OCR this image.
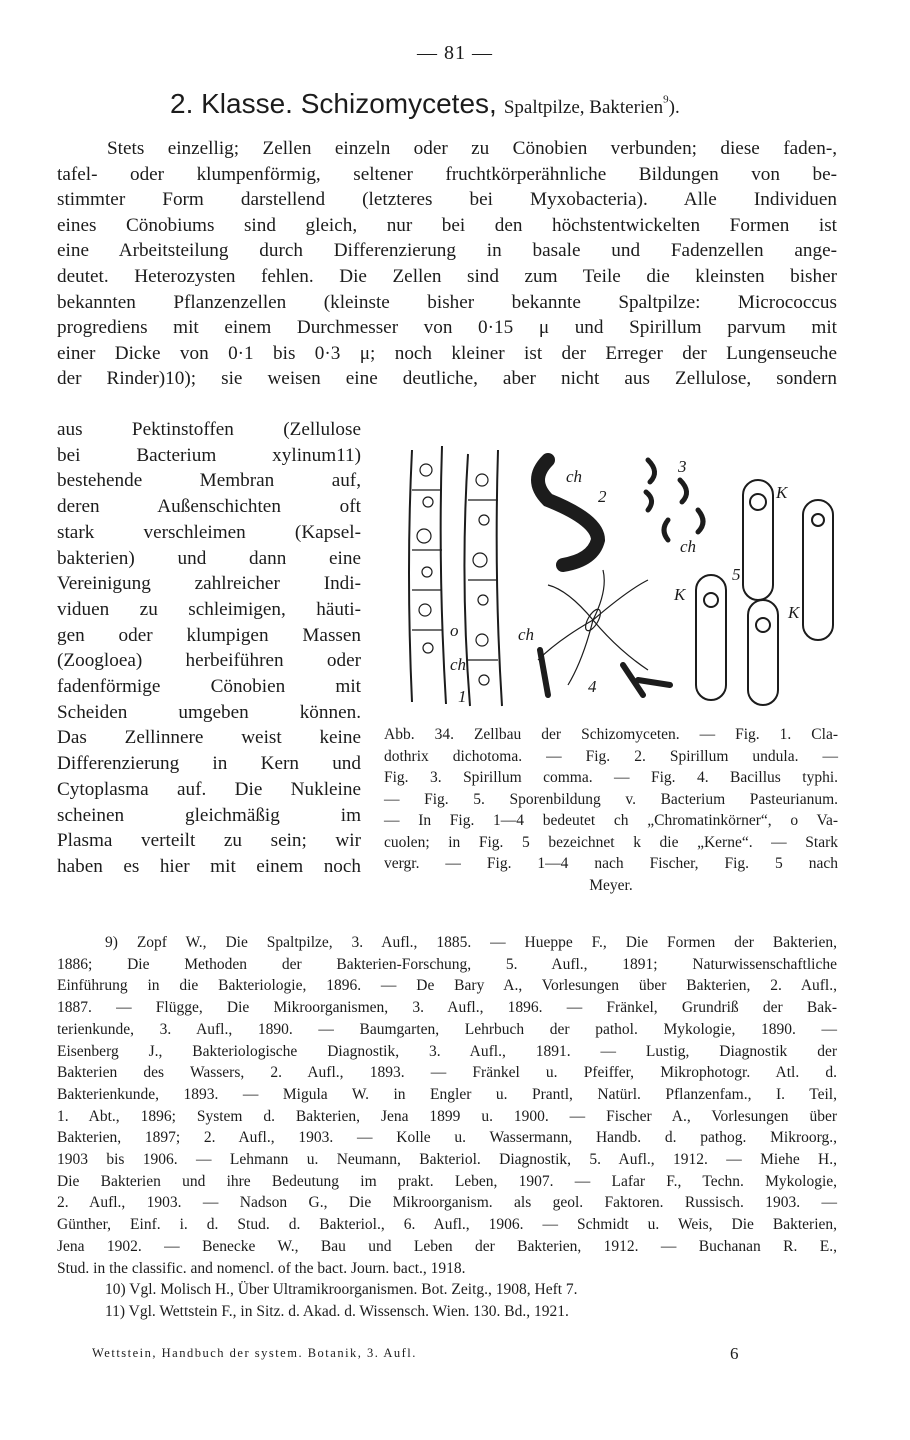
— 81 —
2. Klasse. Schizomycetes, Spaltpilze, Bakterien$^9$).
Stets einzellig; Zellen einzeln oder zu Cönobien verbunden; diese faden-,
tafel- oder klumpenförmig, seltener fruchtkörperähnliche Bildungen von be-
stimmter Form darstellend (letzteres bei Myxobacteria). Alle Individuen
eines Cönobiums sind gleich, nur bei den höchstentwickelten Formen ist
eine Arbeitsteilung durch Differenzierung in basale und Fadenzellen ange-
deutet. Heterozysten fehlen. Die Zellen sind zum Teile die kleinsten bisher
bekannten Pflanzenzellen (kleinste bisher bekannte Spaltpilze: Micrococcus
progrediens mit einem Durchmesser von 0·15 μ und Spirillum parvum mit
einer Dicke von 0·1 bis 0·3 μ; noch kleiner ist der Erreger der Lungenseuche
der Rinder)10); sie weisen eine deutliche, aber nicht aus Zellulose, sondern
aus Pektinstoffen (Zellulose
bei Bacterium xylinum11)
bestehende Membran auf,
deren Außenschichten oft
stark verschleimen (Kapsel-
bakterien) und dann eine
Vereinigung zahlreicher Indi-
viduen zu schleimigen, häuti-
gen oder klumpigen Massen
(Zoogloea) herbeiführen oder
fadenförmige Cönobien mit
Scheiden umgeben können.
Das Zellinnere weist keine
Differenzierung in Kern und
Cytoplasma auf. Die Nukleine
scheinen gleichmäßig im
Plasma verteilt zu sein; wir
haben es hier mit einem noch
ch
ch
ch
ch
o
K
K
K
1
2
3
4
5
Abb. 34. Zellbau der Schizomyceten. — Fig. 1. Cla-
dothrix dichotoma. — Fig. 2. Spirillum undula. —
Fig. 3. Spirillum comma. — Fig. 4. Bacillus typhi.
— Fig. 5. Sporenbildung v. Bacterium Pasteurianum.
— In Fig. 1—4 bedeutet ch „Chromatinkörner“, o Va-
cuolen; in Fig. 5 bezeichnet k die „Kerne“. — Stark
vergr. — Fig. 1—4 nach Fischer, Fig. 5 nach
Meyer.
9) Zopf W., Die Spaltpilze, 3. Aufl., 1885. — Hueppe F., Die Formen der Bakterien,
1886; Die Methoden der Bakterien-Forschung, 5. Aufl., 1891; Naturwissenschaftliche
Einführung in die Bakteriologie, 1896. — De Bary A., Vorlesungen über Bakterien, 2. Aufl.,
1887. — Flügge, Die Mikroorganismen, 3. Aufl., 1896. — Fränkel, Grundriß der Bak-
terienkunde, 3. Aufl., 1890. — Baumgarten, Lehrbuch der pathol. Mykologie, 1890. —
Eisenberg J., Bakteriologische Diagnostik, 3. Aufl., 1891. — Lustig, Diagnostik der
Bakterien des Wassers, 2. Aufl., 1893. — Fränkel u. Pfeiffer, Mikrophotogr. Atl. d.
Bakterienkunde, 1893. — Migula W. in Engler u. Prantl, Natürl. Pflanzenfam., I. Teil,
1. Abt., 1896; System d. Bakterien, Jena 1899 u. 1900. — Fischer A., Vorlesungen über
Bakterien, 1897; 2. Aufl., 1903. — Kolle u. Wassermann, Handb. d. pathog. Mikroorg.,
1903 bis 1906. — Lehmann u. Neumann, Bakteriol. Diagnostik, 5. Aufl., 1912. — Miehe H.,
Die Bakterien und ihre Bedeutung im prakt. Leben, 1907. — Lafar F., Techn. Mykologie,
2. Aufl., 1903. — Nadson G., Die Mikroorganism. als geol. Faktoren. Russisch. 1903. —
Günther, Einf. i. d. Stud. d. Bakteriol., 6. Aufl., 1906. — Schmidt u. Weis, Die Bakterien,
Jena 1902. — Benecke W., Bau und Leben der Bakterien, 1912. — Buchanan R. E.,
Stud. in the classific. and nomencl. of the bact. Journ. bact., 1918.
10) Vgl. Molisch H., Über Ultramikroorganismen. Bot. Zeitg., 1908, Heft 7.
11) Vgl. Wettstein F., in Sitz. d. Akad. d. Wissensch. Wien. 130. Bd., 1921.
Wettstein, Handbuch der system. Botanik, 3. Aufl.	6
